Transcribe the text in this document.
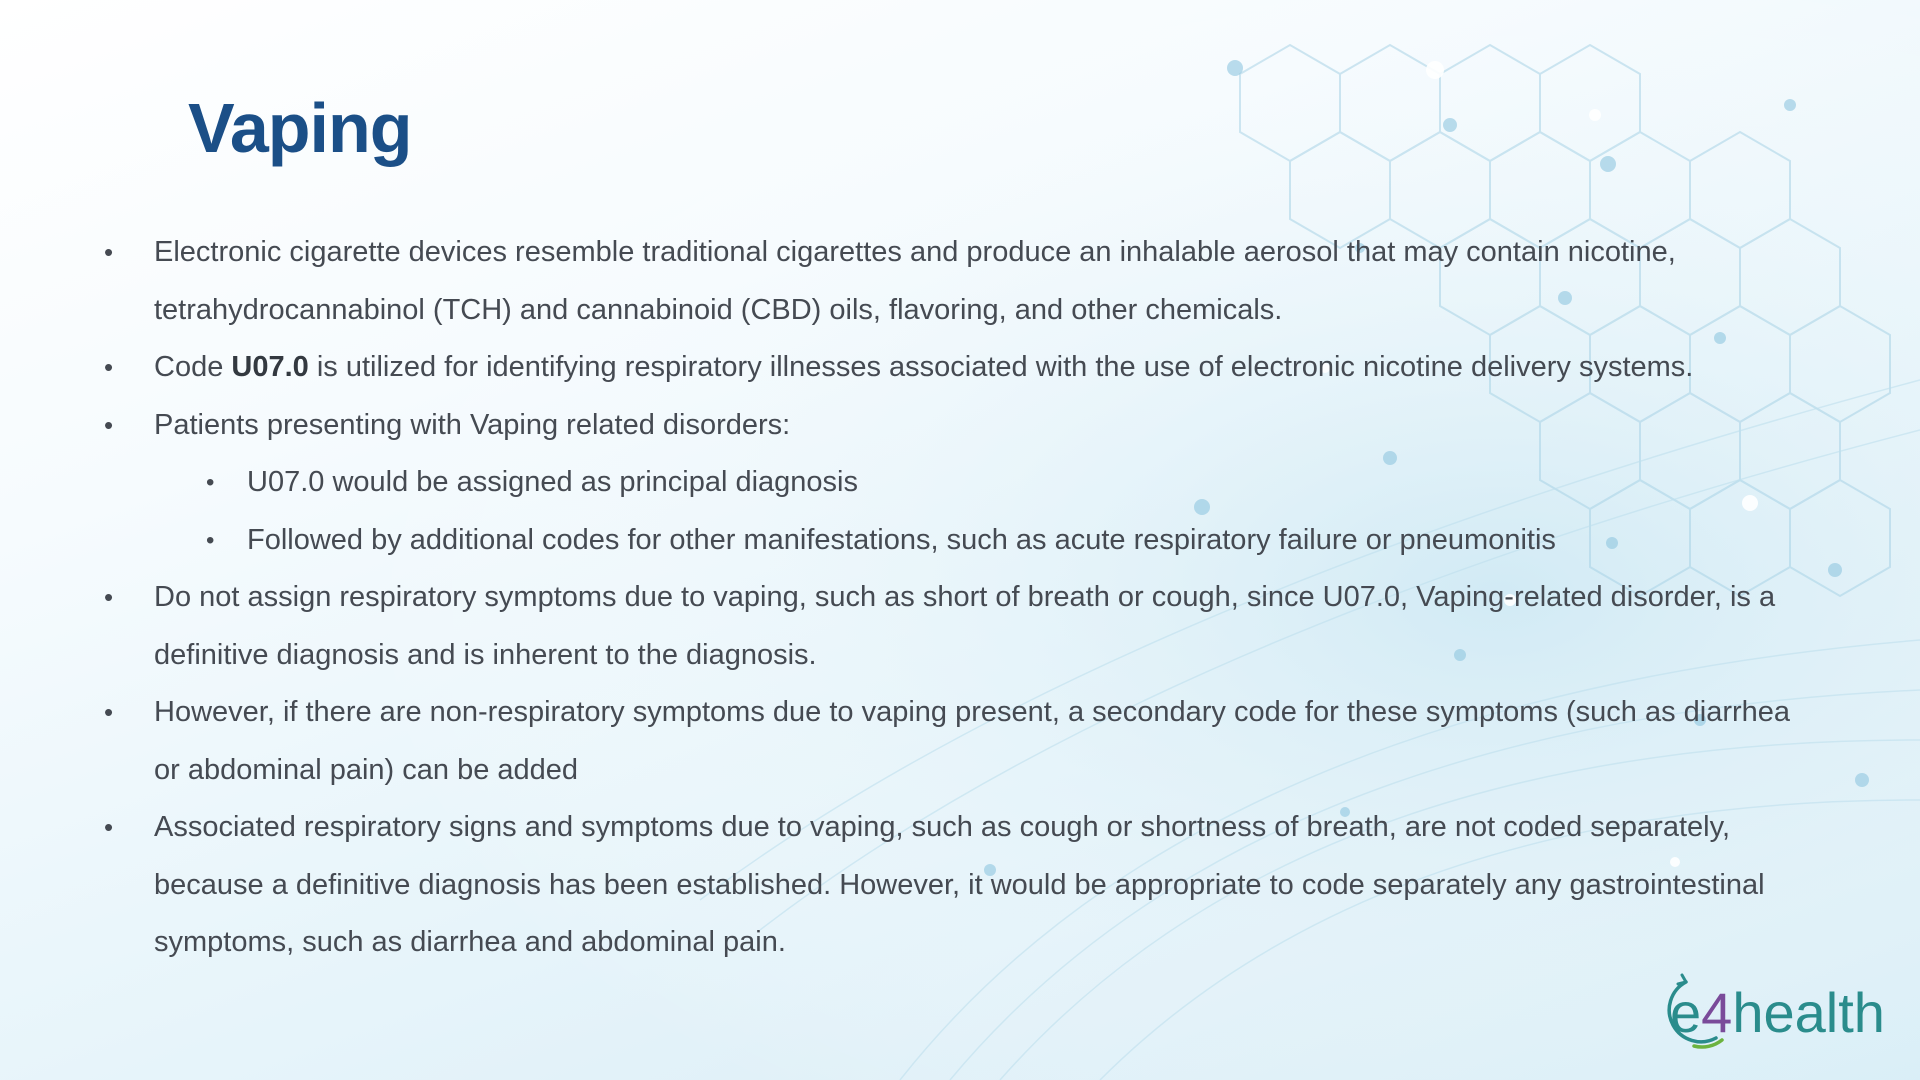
Vaping
• Electronic cigarette devices resemble traditional cigarettes and produce an inhalable aerosol that may contain nicotine, tetrahydrocannabinol (TCH) and cannabinoid (CBD) oils, flavoring, and other chemicals.
• Code U07.0 is utilized for identifying respiratory illnesses associated with the use of electronic nicotine delivery systems.
• Patients presenting with Vaping related disorders:
• U07.0 would be assigned as principal diagnosis
• Followed by additional codes for other manifestations, such as acute respiratory failure or pneumonitis
• Do not assign respiratory symptoms due to vaping, such as short of breath or cough, since U07.0, Vaping-related disorder, is a definitive diagnosis and is inherent to the diagnosis.
• However, if there are non-respiratory symptoms due to vaping present, a secondary code for these symptoms (such as diarrhea or abdominal pain) can be added
• Associated respiratory signs and symptoms due to vaping, such as cough or shortness of breath, are not coded separately, because a definitive diagnosis has been established. However, it would be appropriate to code separately any gastrointestinal symptoms, such as diarrhea and abdominal pain.
e4health
